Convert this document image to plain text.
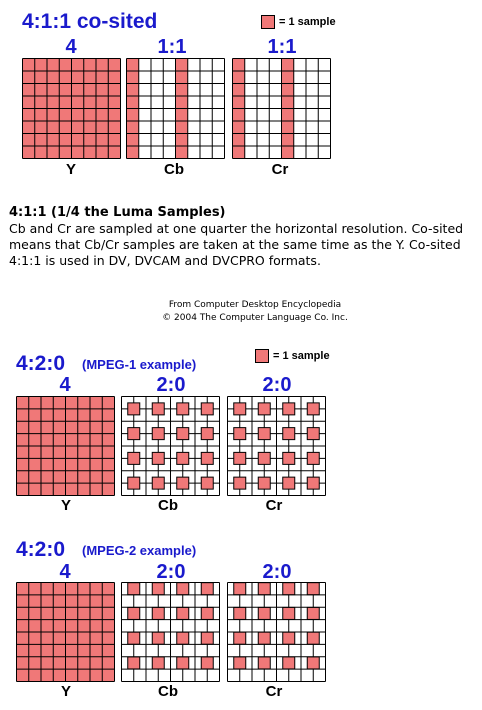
4:1:1 co-sited	= 1 sample
4	1:1	1:1
Y	Cb	Cr
4:1:1 (1/4 the Luma Samples)
Cb and Cr are sampled at one quarter the horizontal resolution. Co-sited means that Cb/Cr samples are taken at the same time as the Y. Co-sited 4:1:1 is used in DV, DVCAM and DVCPRO formats.
From Computer Desktop Encyclopedia
© 2004 The Computer Language Co. Inc.
4:2:0 (MPEG-1 example)
= 1 sample
4	2:0	2:0
Y	Cb	Cr
4:2:0 (MPEG-2 example)
4	2:0	2:0
Y	Cb	Cr
